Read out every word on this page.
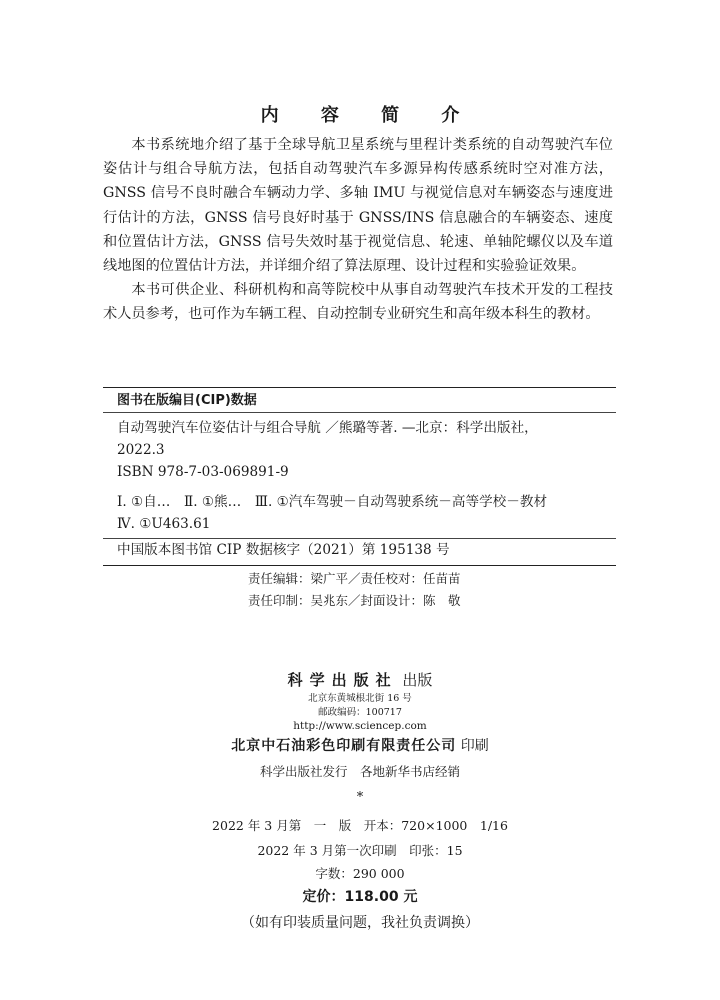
内 容 简 介

本书系统地介绍了基于全球导航卫星系统与里程计类系统的自动驾驶汽车位姿估计与组合导航方法，包括自动驾驶汽车多源异构传感系统时空对准方法，GNSS 信号不良时融合车辆动力学、多轴 IMU 与视觉信息对车辆姿态与速度进行估计的方法，GNSS 信号良好时基于 GNSS/INS 信息融合的车辆姿态、速度和位置估计方法，GNSS 信号失效时基于视觉信息、轮速、单轴陀螺仪以及车道线地图的位置估计方法，并详细介绍了算法原理、设计过程和实验验证效果。

本书可供企业、科研机构和高等院校中从事自动驾驶汽车技术开发的工程技术人员参考，也可作为车辆工程、自动控制专业研究生和高年级本科生的教材。

图书在版编目(CIP)数据
自动驾驶汽车位姿估计与组合导航 ／熊璐等著. —北京：科学出版社，
2022.3
ISBN 978-7-03-069891-9
Ⅰ. ①自…　Ⅱ. ①熊…　Ⅲ. ①汽车驾驶－自动驾驶系统－高等学校－教材
Ⅳ. ①U463.61
中国版本图书馆 CIP 数据核字（2021）第 195138 号
责任编辑：梁广平／责任校对：任苗苗
责任印制：吴兆东／封面设计：陈　敬
科学出版社 出版
北京东黄城根北街 16 号
邮政编码：100717
http://www.sciencep.com
北京中石油彩色印刷有限责任公司 印刷
科学出版社发行　各地新华书店经销
*
2022 年 3 月第　一　版　开本：720×1000　1/16
2022 年 3 月第一次印刷　印张：15
字数：290 000
定价：118.00 元
（如有印装质量问题，我社负责调换）
